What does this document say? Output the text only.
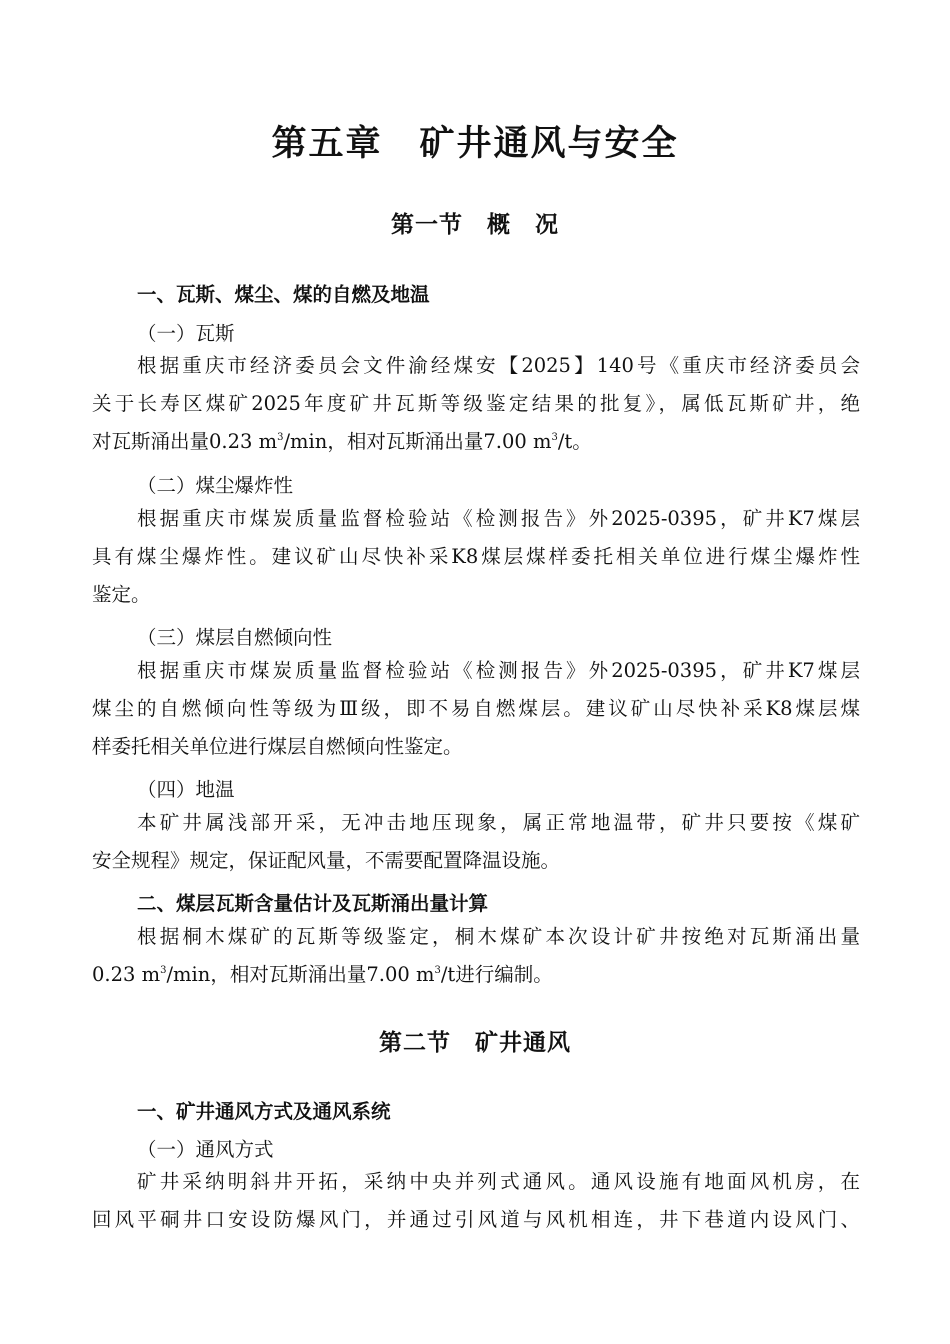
第五章　矿井通风与安全
第一节　概　况
一、瓦斯、煤尘、煤的自燃及地温
（一）瓦斯
根据重庆市经济委员会文件渝经煤安【2025】140号《重庆市经济委员会
关于长寿区煤矿2025年度矿井瓦斯等级鉴定结果的批复》，属低瓦斯矿井，绝
对瓦斯涌出量0.23 $m^3/\min$，相对瓦斯涌出量7.00 $m^3/t$。
（二）煤尘爆炸性
根据重庆市煤炭质量监督检验站《检测报告》外2025-0395，矿井K7煤层
具有煤尘爆炸性。建议矿山尽快补采K8煤层煤样委托相关单位进行煤尘爆炸性
鉴定。
（三）煤层自燃倾向性
根据重庆市煤炭质量监督检验站《检测报告》外2025-0395，矿井K7煤层
煤尘的自燃倾向性等级为Ⅲ级，即不易自燃煤层。建议矿山尽快补采K8煤层煤
样委托相关单位进行煤层自燃倾向性鉴定。
（四）地温
本矿井属浅部开采，无冲击地压现象，属正常地温带，矿井只要按《煤矿
安全规程》规定，保证配风量，不需要配置降温设施。
二、煤层瓦斯含量估计及瓦斯涌出量计算
根据桐木煤矿的瓦斯等级鉴定，桐木煤矿本次设计矿井按绝对瓦斯涌出量
0.23 $m^3/\min$，相对瓦斯涌出量7.00 $m^3/t$进行编制。
第二节　矿井通风
一、矿井通风方式及通风系统
（一）通风方式
矿井采纳明斜井开拓，采纳中央并列式通风。通风设施有地面风机房，在
回风平硐井口安设防爆风门，并通过引风道与风机相连，井下巷道内设风门、
